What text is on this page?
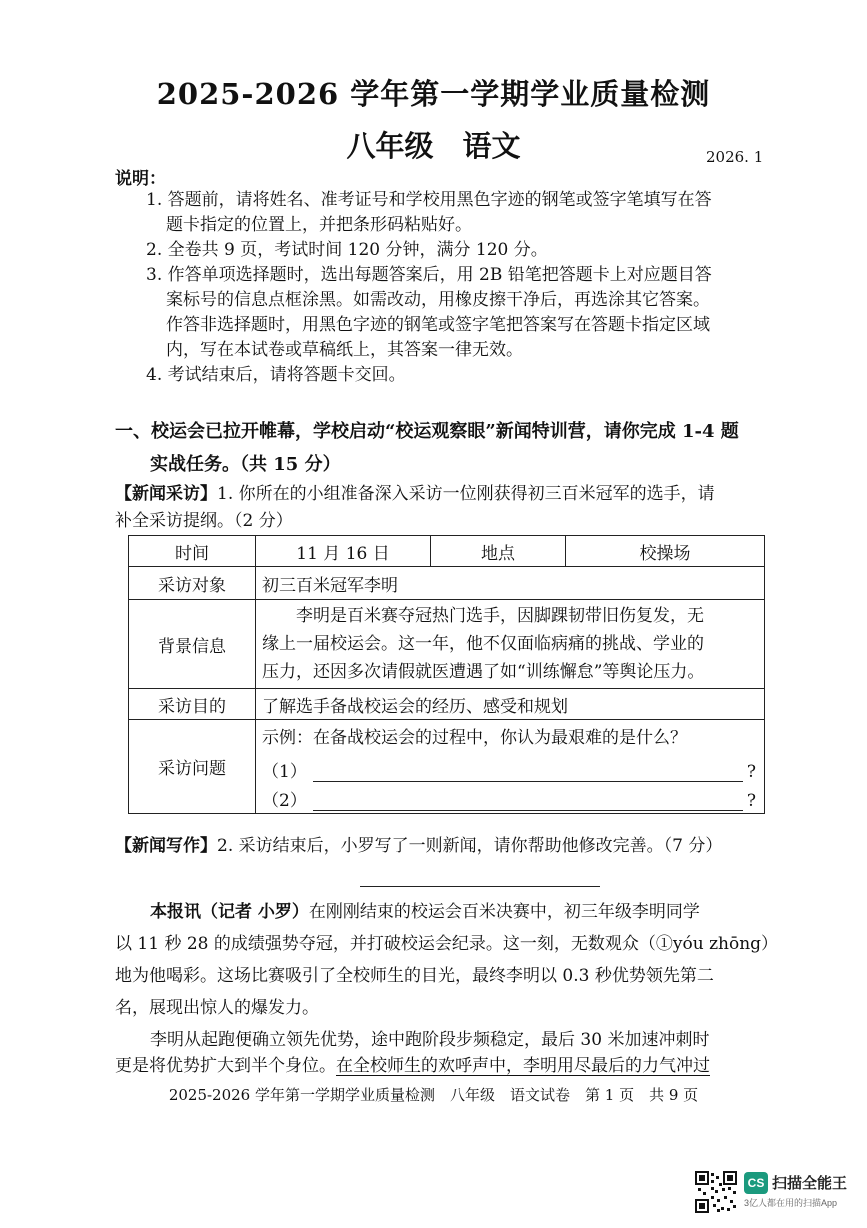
2025-2026 学年第一学期学业质量检测
八年级　语文	2026. 1
说明：
1. 答题前，请将姓名、准考证号和学校用黑色字迹的钢笔或签字笔填写在答
题卡指定的位置上，并把条形码粘贴好。
2. 全卷共 9 页，考试时间 120 分钟，满分 120 分。
3. 作答单项选择题时，选出每题答案后，用 2B 铅笔把答题卡上对应题目答
案标号的信息点框涂黑。如需改动，用橡皮擦干净后，再选涂其它答案。
作答非选择题时，用黑色字迹的钢笔或签字笔把答案写在答题卡指定区域
内，写在本试卷或草稿纸上，其答案一律无效。
4. 考试结束后，请将答题卡交回。
一、校运会已拉开帷幕，学校启动“校运观察眼”新闻特训营，请你完成 1-4 题
实战任务。（共 15 分）
【新闻采访】1. 你所在的小组准备深入采访一位刚获得初三百米冠军的选手，请
补全采访提纲。（2 分）
时间	11 月 16 日	地点	校操场
采访对象	初三百米冠军李明		
背景信息	李明是百米赛夺冠热门选手，因脚踝韧带旧伤复发，无
缘上一届校运会。这一年，他不仅面临病痛的挑战、学业的
压力，还因多次请假就医遭遇了如“训练懈怠”等舆论压力。		

采访目的	了解选手备战校运会的经历、感受和规划		
采访问题	示例：在备战校运会的过程中，你认为最艰难的是什么？
（1） ?
（2） ?		
【新闻写作】2. 采访结束后，小罗写了一则新闻，请你帮助他修改完善。（7 分）
本报讯（记者 小罗）在刚刚结束的校运会百米决赛中，初三年级李明同学
以 11 秒 28 的成绩强势夺冠，并打破校运会纪录。这一刻，无数观众（①yóu zhōng）
地为他喝彩。这场比赛吸引了全校师生的目光，最终李明以 0.3 秒优势领先第二
名，展现出惊人的爆发力。
李明从起跑便确立领先优势，途中跑阶段步频稳定，最后 30 米加速冲刺时
更是将优势扩大到半个身位。在全校师生的欢呼声中，李明用尽最后的力气冲过
2025-2026 学年第一学期学业质量检测　八年级　语文试卷　第 1 页　共 9 页
CS 扫描全能王
3亿人都在用的扫描App
